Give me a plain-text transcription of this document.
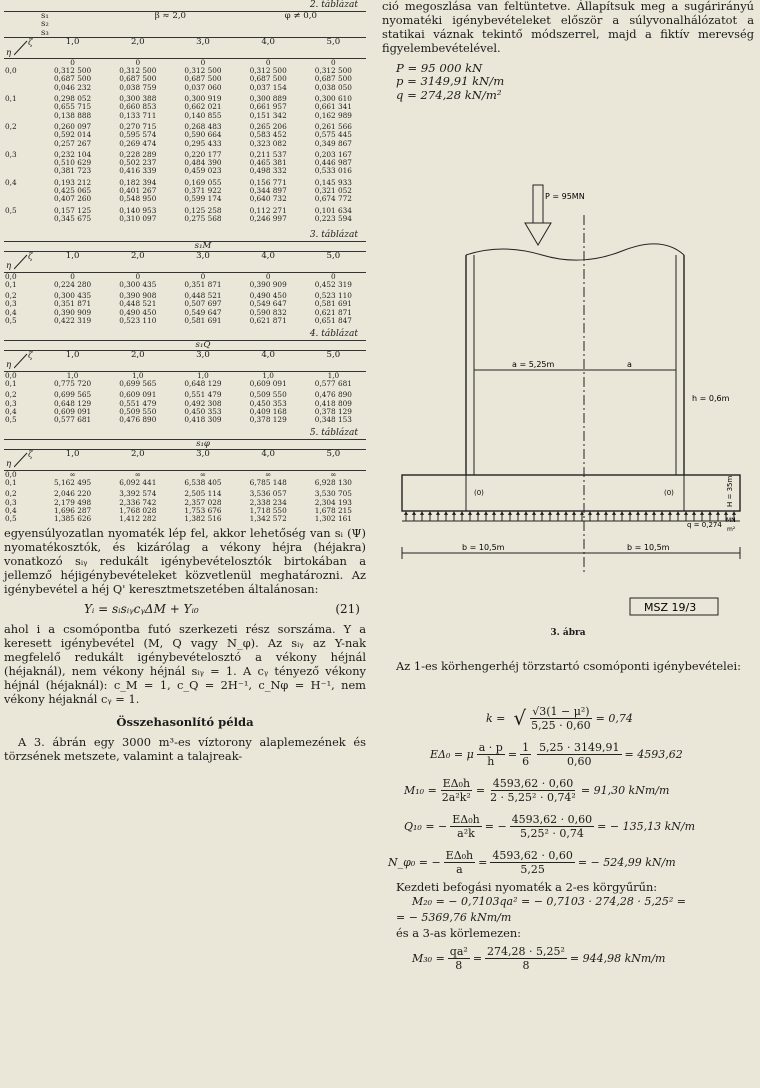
2. táblázat
	s₁
s₂
s₃	β ≈ 2,0		φ ≠ 0,0	

η
ζ	1,0	2,0	3,0	4,0	5,0
	0	0	0	0	0
0,0	0,312 500	0,312 500	0,312 500	0,312 500	0,312 500
	0,687 500	0,687 500	0,687 500	0,687 500	0,687 500
	0,046 232	0,038 759	0,037 060	0,037 154	0,038 050

0,1	0,298 052	0,300 388	0,300 919	0,300 889	0,300 610
	0,655 715	0,660 853	0,662 021	0,661 957	0,661 341
	0,138 888	0,133 711	0,140 855	0,151 342	0,162 989

0,2	0,260 097	0,270 715	0,268 483	0,265 206	0,261 566
	0,592 014	0,595 574	0,590 664	0,583 452	0,575 445
	0,257 267	0,269 474	0,295 433	0,323 082	0,349 867

0,3	0,232 104	0,228 289	0,220 177	0,211 537	0,203 167
	0,510 629	0,502 237	0,484 390	0,465 381	0,446 987
	0,381 723	0,416 339	0,459 023	0,498 332	0,533 016

0,4	0,193 212	0,182 394	0,169 055	0,156 771	0,145 933
	0,425 065	0,401 267	0,371 922	0,344 897	0,321 052
	0,407 260	0,548 950	0,599 174	0,640 732	0,674 772

0,5	0,157 125	0,140 953	0,125 258	0,112 271	0,101 634
	0,345 675	0,310 097	0,275 568	0,246 997	0,223 594

3. táblázat
	s₁M				

η
ζ	1,0	2,0	3,0	4,0	5,0
0,0	0	0	0	0	0
0,1	0,224 280	0,300 435	0,351 871	0,390 909	0,452 319

0,2	0,300 435	0,390 908	0,448 521	0,490 450	0,523 110
0,3	0,351 871	0,448 521	0,507 697	0,549 647	0,581 691
0,4	0,390 909	0,490 450	0,549 647	0,590 832	0,621 871
0,5	0,422 319	0,523 110	0,581 691	0,621 871	0,651 847
4. táblázat
	s₁Q				

η
ζ	1,0	2,0	3,0	4,0	5,0
0,0	1,0	1,0	1,0	1,0	1,0
0,1	0,775 720	0,699 565	0,648 129	0,609 091	0,577 681

0,2	0,699 565	0,609 091	0,551 479	0,509 550	0,476 890
0,3	0,648 129	0,551 479	0,492 308	0,450 353	0,418 809
0,4	0,609 091	0,509 550	0,450 353	0,409 168	0,378 129
0,5	0,577 681	0,476 890	0,418 309	0,378 129	0,348 153
5. táblázat
	s₁φ				

η
ζ	1,0	2,0	3,0	4,0	5,0
0,0	∞	∞	∞	∞	∞
0,1	5,162 495	6,092 441	6,538 405	6,785 148	6,928 130

0,2	2,046 220	3,392 574	2,505 114	3,536 057	3,530 705
0,3	2,179 498	2,336 742	2,357 028	2,338 234	2,304 193
0,4	1,696 287	1,768 028	1,753 676	1,718 550	1,678 215
0,5	1,385 626	1,412 282	1,382 516	1,342 572	1,302 161

egyensúlyozatlan nyomaték lép fel, akkor lehetőség van sᵢ (Ψ) nyomatékosztók, és kizárólag a vékony héjra (héjakra) vonatkozó sᵢᵧ redukált igénybevételosztók birtokában a jellemző héjigénybevételeket közvetlenül meghatározni. Az igénybevétel a héj Q' keresztmetszetében általánosan:

Yᵢ = sᵢsᵢᵧcᵧΔM + Yᵢ₀	(21)

ahol i a csomópontba futó szerkezeti rész sorszáma. Y a keresett igénybevétel (M, Q vagy N_φ). Az sᵢᵧ az Y-nak megfelelő redukált igénybevételosztó a vékony héjnál (héjaknál), nem vékony héjnál sᵢᵧ = 1. A cᵧ tényező vékony héjnál (héjaknál): c_M = 1, c_Q = 2H⁻¹, c_Nφ = H⁻¹, nem vékony héjaknál cᵧ = 1.

Összehasonlító példa

A 3. ábrán egy 3000 m³-es víztorony alaplemezének és törzsének metszete, valamint a talajreak-

ció megoszlása van feltüntetve. Állapítsuk meg a sugárirányú nyomatéki igénybevételeket először a súlyvonalhálózatot a statikai váznak tekintő módszerrel, majd a fiktív merevség figyelembevételével.
P = 95 000 kN
p = 3149,91 kN/m
q = 274,28 kN/m²
P = 95MN
a = 5,25m	a
h = 0,6m
(0)	(0)	H = 35m
q = 0,274
MN
m²
b = 10,5m	b = 10,5m
MSZ 19/3
3. ábra
Az 1-es körhengerhéj törzstartó csomóponti igénybevételei:
k = √ $\frac{\text{√3(1 − μ²)}}{5,25 \cdot 0,60} = 0,74$
EΔ₀ = μ $\frac{a \cdot p}{h} = \frac{1}{6} \frac{5,25 \cdot 3149,91}{0,60} = 4593,62$
$M_{10} = \frac{\text{EΔ₀h}}{\text{2a²k²}} = \frac{4593,62 \cdot 0,60}{\text{2 · 5,25² · 0,74²}} = 91,30$ kNm/m
Q₁₀ = − $\frac{\text{EΔ₀h}}{\text{a²k}}$ = − $\frac{4593,62 \cdot 0,60}{\text{5,25² · 0,74}}$ = − 135,13 kN/m
N_φ₀ = − $\frac{\text{EΔ₀h}}{a} = \frac{4593,62 \cdot 0,60}{5,25}$ = − 524,99 kN/m
Kezdeti befogási nyomaték a 2-es körgyűrűn:
M₂₀ = − 0,7103qa² = − 0,7103 · 274,28 · 5,25² =
= − 5369,76 kNm/m
és a 3-as körlemezen:
$M_{30} = \frac{\text{qa²}}{8} = \frac{\text{274,28 · 5,25²}}{8} = 944,98$ kNm/m
